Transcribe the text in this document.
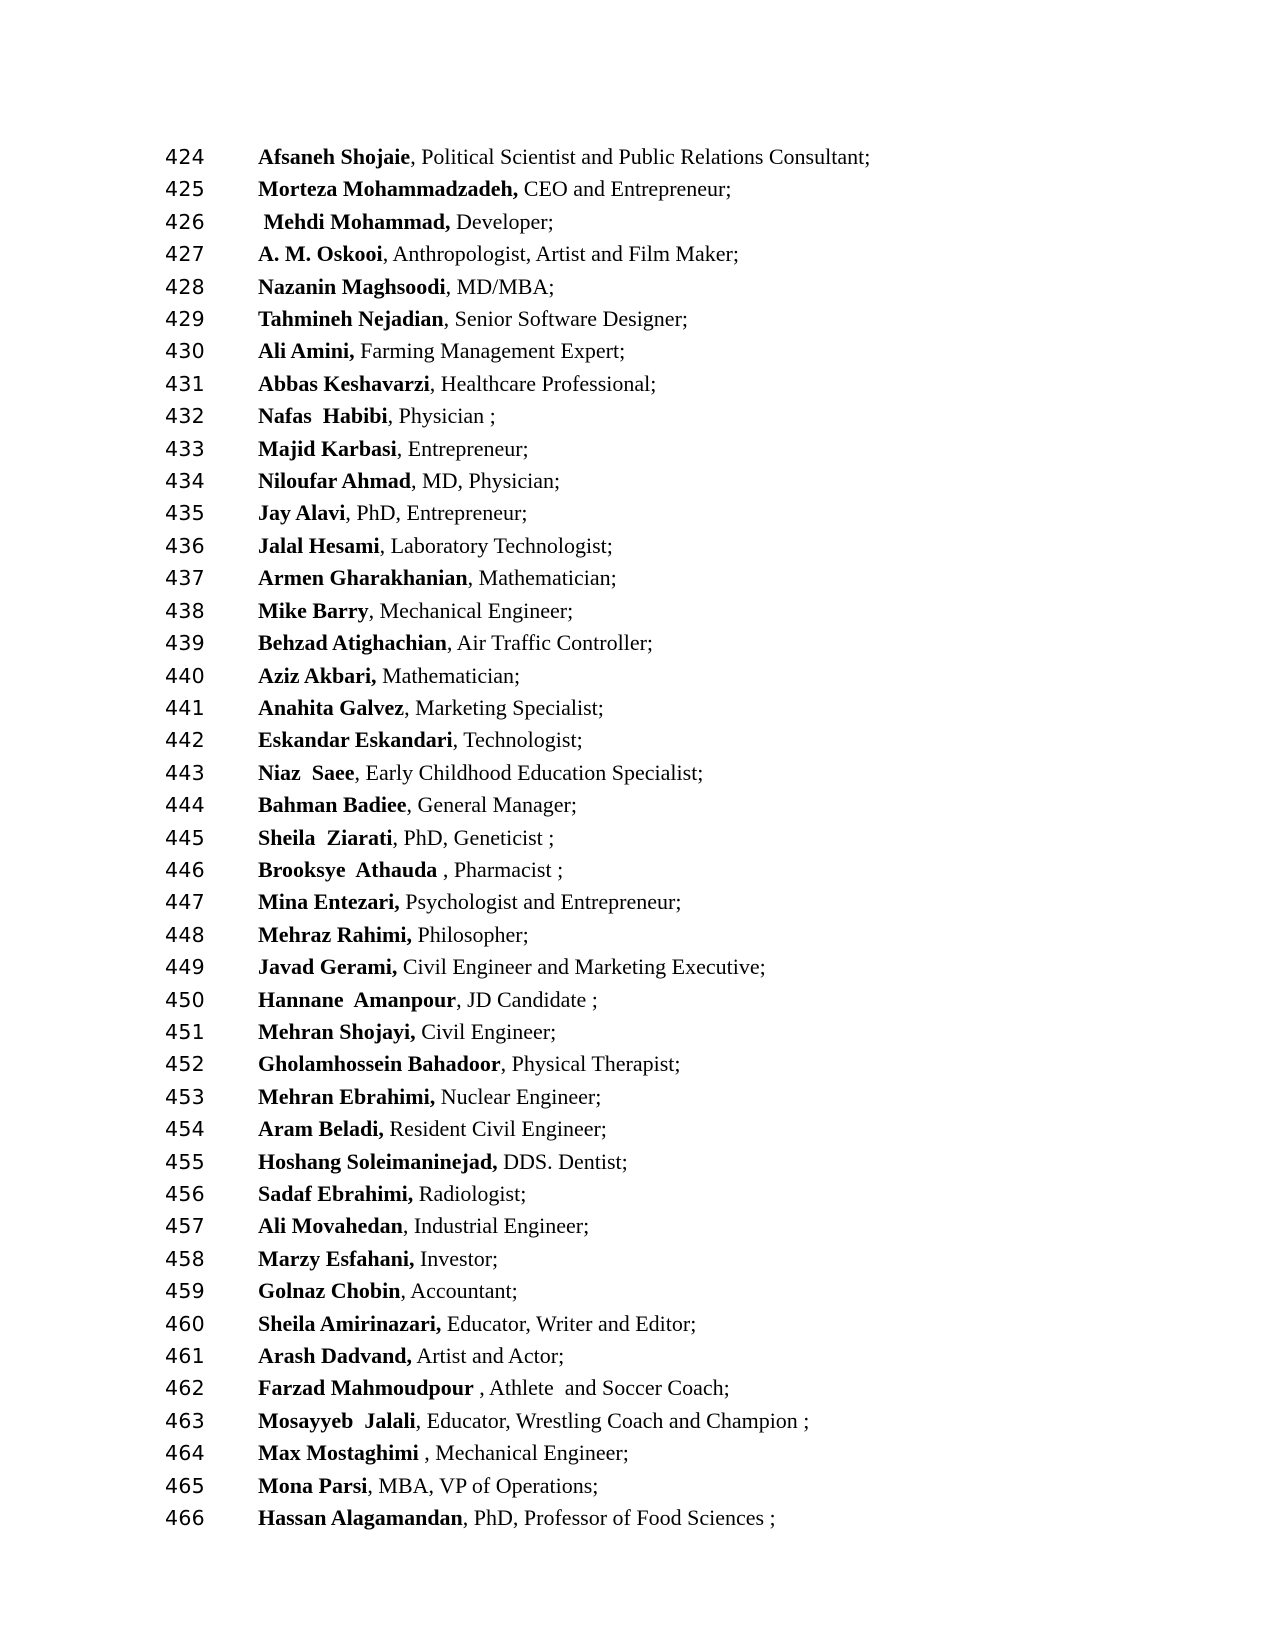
424	Afsaneh Shojaie, Political Scientist and Public Relations Consultant;
425	Morteza Mohammadzadeh, CEO and Entrepreneur;
426	Mehdi Mohammad, Developer;
427	A. M. Oskooi, Anthropologist, Artist and Film Maker;
428	Nazanin Maghsoodi, MD/MBA;
429	Tahmineh Nejadian, Senior Software Designer;
430	Ali Amini, Farming Management Expert;
431	Abbas Keshavarzi, Healthcare Professional;
432	Nafas  Habibi, Physician ;
433	Majid Karbasi, Entrepreneur;
434	Niloufar Ahmad, MD, Physician;
435	Jay Alavi, PhD, Entrepreneur;
436	Jalal Hesami, Laboratory Technologist;
437	Armen Gharakhanian, Mathematician;
438	Mike Barry, Mechanical Engineer;
439	Behzad Atighachian, Air Traffic Controller;
440	Aziz Akbari, Mathematician;
441	Anahita Galvez, Marketing Specialist;
442	Eskandar Eskandari, Technologist;
443	Niaz  Saee, Early Childhood Education Specialist;
444	Bahman Badiee, General Manager;
445	Sheila  Ziarati, PhD, Geneticist ;
446	Brooksye  Athauda , Pharmacist ;
447	Mina Entezari, Psychologist and Entrepreneur;
448	Mehraz Rahimi, Philosopher;
449	Javad Gerami, Civil Engineer and Marketing Executive;
450	Hannane  Amanpour, JD Candidate ;
451	Mehran Shojayi, Civil Engineer;
452	Gholamhossein Bahadoor, Physical Therapist;
453	Mehran Ebrahimi, Nuclear Engineer;
454	Aram Beladi, Resident Civil Engineer;
455	Hoshang Soleimaninejad, DDS. Dentist;
456	Sadaf Ebrahimi, Radiologist;
457	Ali Movahedan, Industrial Engineer;
458	Marzy Esfahani, Investor;
459	Golnaz Chobin, Accountant;
460	Sheila Amirinazari, Educator, Writer and Editor;
461	Arash Dadvand, Artist and Actor;
462	Farzad Mahmoudpour , Athlete  and Soccer Coach;
463	Mosayyeb  Jalali, Educator, Wrestling Coach and Champion ;
464	Max Mostaghimi , Mechanical Engineer;
465	Mona Parsi, MBA, VP of Operations;
466	Hassan Alagamandan, PhD, Professor of Food Sciences ;
